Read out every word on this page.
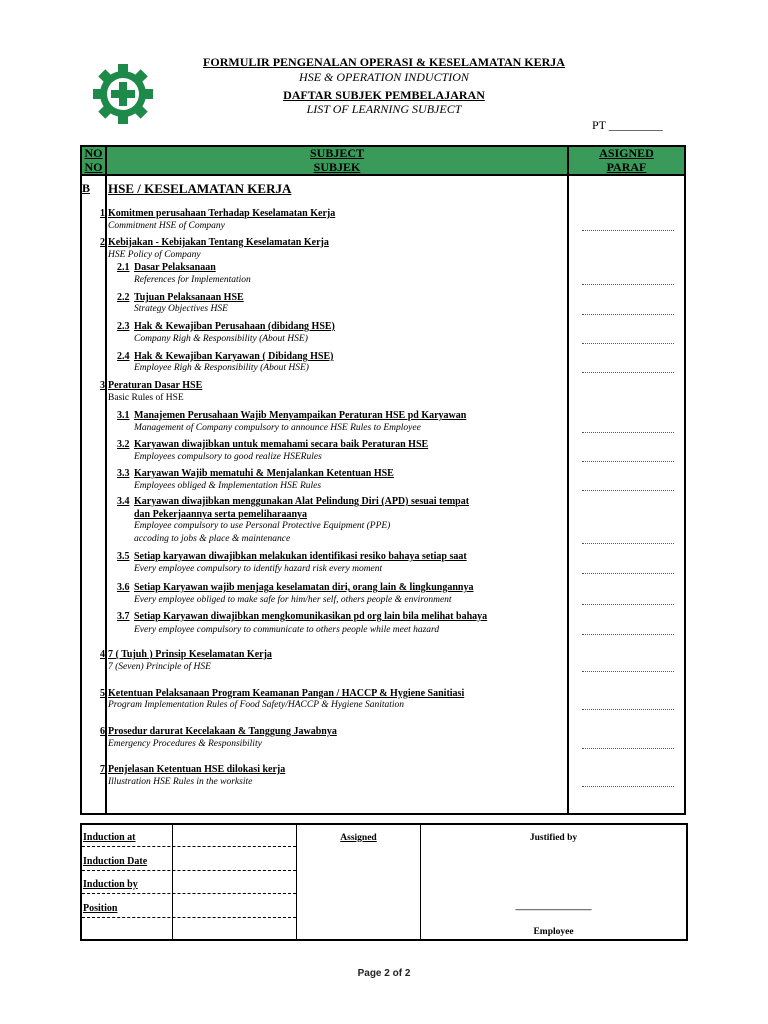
FORMULIR PENGENALAN OPERASI & KESELAMATAN KERJA
HSE & OPERATION INDUCTION
DAFTAR SUBJEK PEMBELAJARAN
LIST OF LEARNING SUBJECT
PT _________
NO
NO
SUBJECT
SUBJEK
ASIGNED
PARAF
B HSE / KESELAMATAN KERJA
1 Komitmen perusahaan Terhadap Keselamatan Kerja
Commitment HSE of Company
2 Kebijakan - Kebijakan Tentang Keselamatan Kerja
HSE Policy of Company
2.1 Dasar Pelaksanaan
References for Implementation
2.2 Tujuan Pelaksanaan HSE
Strategy Objectives HSE
2.3 Hak & Kewajiban Perusahaan (dibidang HSE)
Company Righ & Responsibility (About HSE)
2.4 Hak & Kewajiban Karyawan ( Dibidang HSE)
Employee Righ & Responsibility (About HSE)
3 Peraturan Dasar HSE
Basic Rules of HSE
3.1 Manajemen Perusahaan Wajib Menyampaikan Peraturan HSE pd Karyawan
Management of Company compulsory to announce HSE Rules to Employee
3.2 Karyawan diwajibkan untuk memahami secara baik Peraturan HSE
Employees compulsory to good realize HSERules
3.3 Karyawan Wajib mematuhi & Menjalankan Ketentuan HSE
Employees obliged & Implementation HSE Rules
3.4 Karyawan diwajibkan menggunakan Alat Pelindung Diri (APD) sesuai tempat
dan Pekerjaannya serta pemeliharaanya
Employee compulsory to use Personal Protective Equipment (PPE)
accoding to jobs & place & maintenance
3.5 Setiap karyawan diwajibkan melakukan identifikasi resiko bahaya setiap saat
Every employee compulsory to identify hazard risk every moment
3.6 Setiap Karyawan wajib menjaga keselamatan diri, orang lain & lingkungannya
Every employee obliged to make safe for him/her self, others people & environment
3.7 Setiap Karyawan diwajibkan mengkomunikasikan pd org lain bila melihat bahaya
Every employee compulsory to communicate to others people while meet hazard
4 7 ( Tujuh ) Prinsip Keselamatan Kerja
7 (Seven) Principle of HSE
5 Ketentuan Pelaksanaan Program Keamanan Pangan / HACCP & Hygiene Sanitiasi
Program Implementation Rules of Food Safety/HACCP & Hygiene Sanitation
6 Prosedur darurat Kecelakaan & Tanggung Jawabnya
Emergency Procedures & Responsibility
7 Penjelasan Ketentuan HSE dilokasi kerja
Illustration HSE Rules in the worksite
Induction at
Induction Date
Induction by
Position
Assigned	Justified by
________________
Employee
Page 2 of 2
